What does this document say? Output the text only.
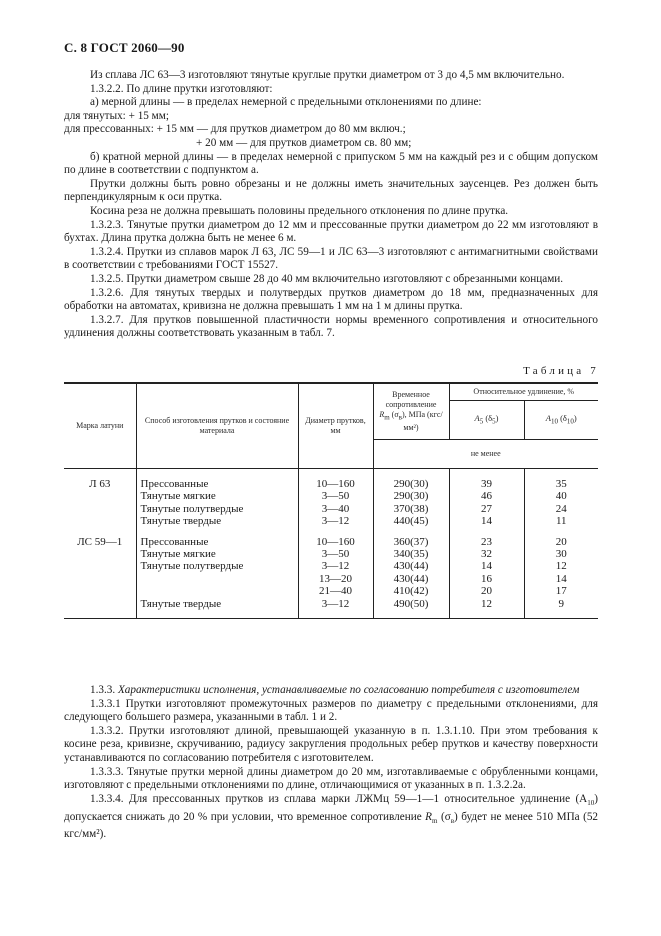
С. 8 ГОСТ 2060—90

Из сплава ЛС 63—3 изготовляют тянутые круглые прутки диаметром от 3 до 4,5 мм включительно.

1.3.2.2. По длине прутки изготовляют:

а) мерной длины — в пределах немерной с предельными отклонениями по длине:

для тянутых: + 15 мм;

для прессованных: + 15 мм — для прутков диаметром до 80 мм включ.;

+ 20 мм — для прутков диаметром св. 80 мм;

б) кратной мерной длины — в пределах немерной с припуском 5 мм на каждый рез и с общим допуском по длине в соответствии с подпунктом а.

Прутки должны быть ровно обрезаны и не должны иметь значительных заусенцев. Рез должен быть перпендикулярным к оси прутка.

Косина реза не должна превышать половины предельного отклонения по длине прутка.

1.3.2.3. Тянутые прутки диаметром до 12 мм и прессованные прутки диаметром до 22 мм изготовляют в бухтах. Длина прутка должна быть не менее 6 м.

1.3.2.4. Прутки из сплавов марок Л 63, ЛС 59—1 и ЛС 63—3 изготовляют с антимагнитными свойствами в соответствии с требованиями ГОСТ 15527.

1.3.2.5. Прутки диаметром свыше 28 до 40 мм включительно изготовляют с обрезанными концами.

1.3.2.6. Для тянутых твердых и полутвердых прутков диаметром до 18 мм, предназначенных для обработки на автоматах, кривизна не должна превышать 1 мм на 1 м длины прутка.

1.3.2.7. Для прутков повышенной пластичности нормы временного сопротивления и относительного удлинения должны соответствовать указанным в табл. 7.

Таблица 7
Марка латуни	Способ изготовления прутков и состояние материала	Диаметр прутков, мм	Временное сопротивление
Rm (σв), МПа (кгс/мм²)	Относительное удлинение, %	
				$A_5$ $(\delta_5)$	$A_{10}$ $(\delta_{10})$
			не менее		

Л 63	Прессованные	10—160	290(30)	39	35
	Тянутые мягкие	3—50	290(30)	46	40
	Тянутые полутвердые	3—40	370(38)	27	24
	Тянутые твердые	3—12	440(45)	14	11

ЛС 59—1	Прессованные	10—160	360(37)	23	20
	Тянутые мягкие	3—50	340(35)	32	30
	Тянутые полутвердые	3—12	430(44)	14	12
		13—20	430(44)	16	14
		21—40	410(42)	20	17
	Тянутые твердые	3—12	490(50)	12	9

1.3.3. Характеристики исполнения, устанавливаемые по согласованию потребителя с изготовителем

1.3.3.1 Прутки изготовляют промежуточных размеров по диаметру с предельными отклонениями, для следующего большего размера, указанными в табл. 1 и 2.

1.3.3.2. Прутки изготовляют длиной, превышающей указанную в п. 1.3.1.10. При этом требования к косине реза, кривизне, скручиванию, радиусу закругления продольных ребер прутков и качеству поверхности устанавливаются по согласованию потребителя с изготовителем.

1.3.3.3. Тянутые прутки мерной длины диаметром до 20 мм, изготавливаемые с обрубленными концами, изготовляют с предельными отклонениями по длине, отличающимися от указанных в п. 1.3.2.2а.

1.3.3.4. Для прессованных прутков из сплава марки ЛЖМц 59—1—1 относительное удлинение $(A_{10})$ допускается снижать до 20 % при условии, что временное сопротивление $R_m$ $(\sigma_в)$ будет не менее 510 МПа (52 кгс/мм²).
